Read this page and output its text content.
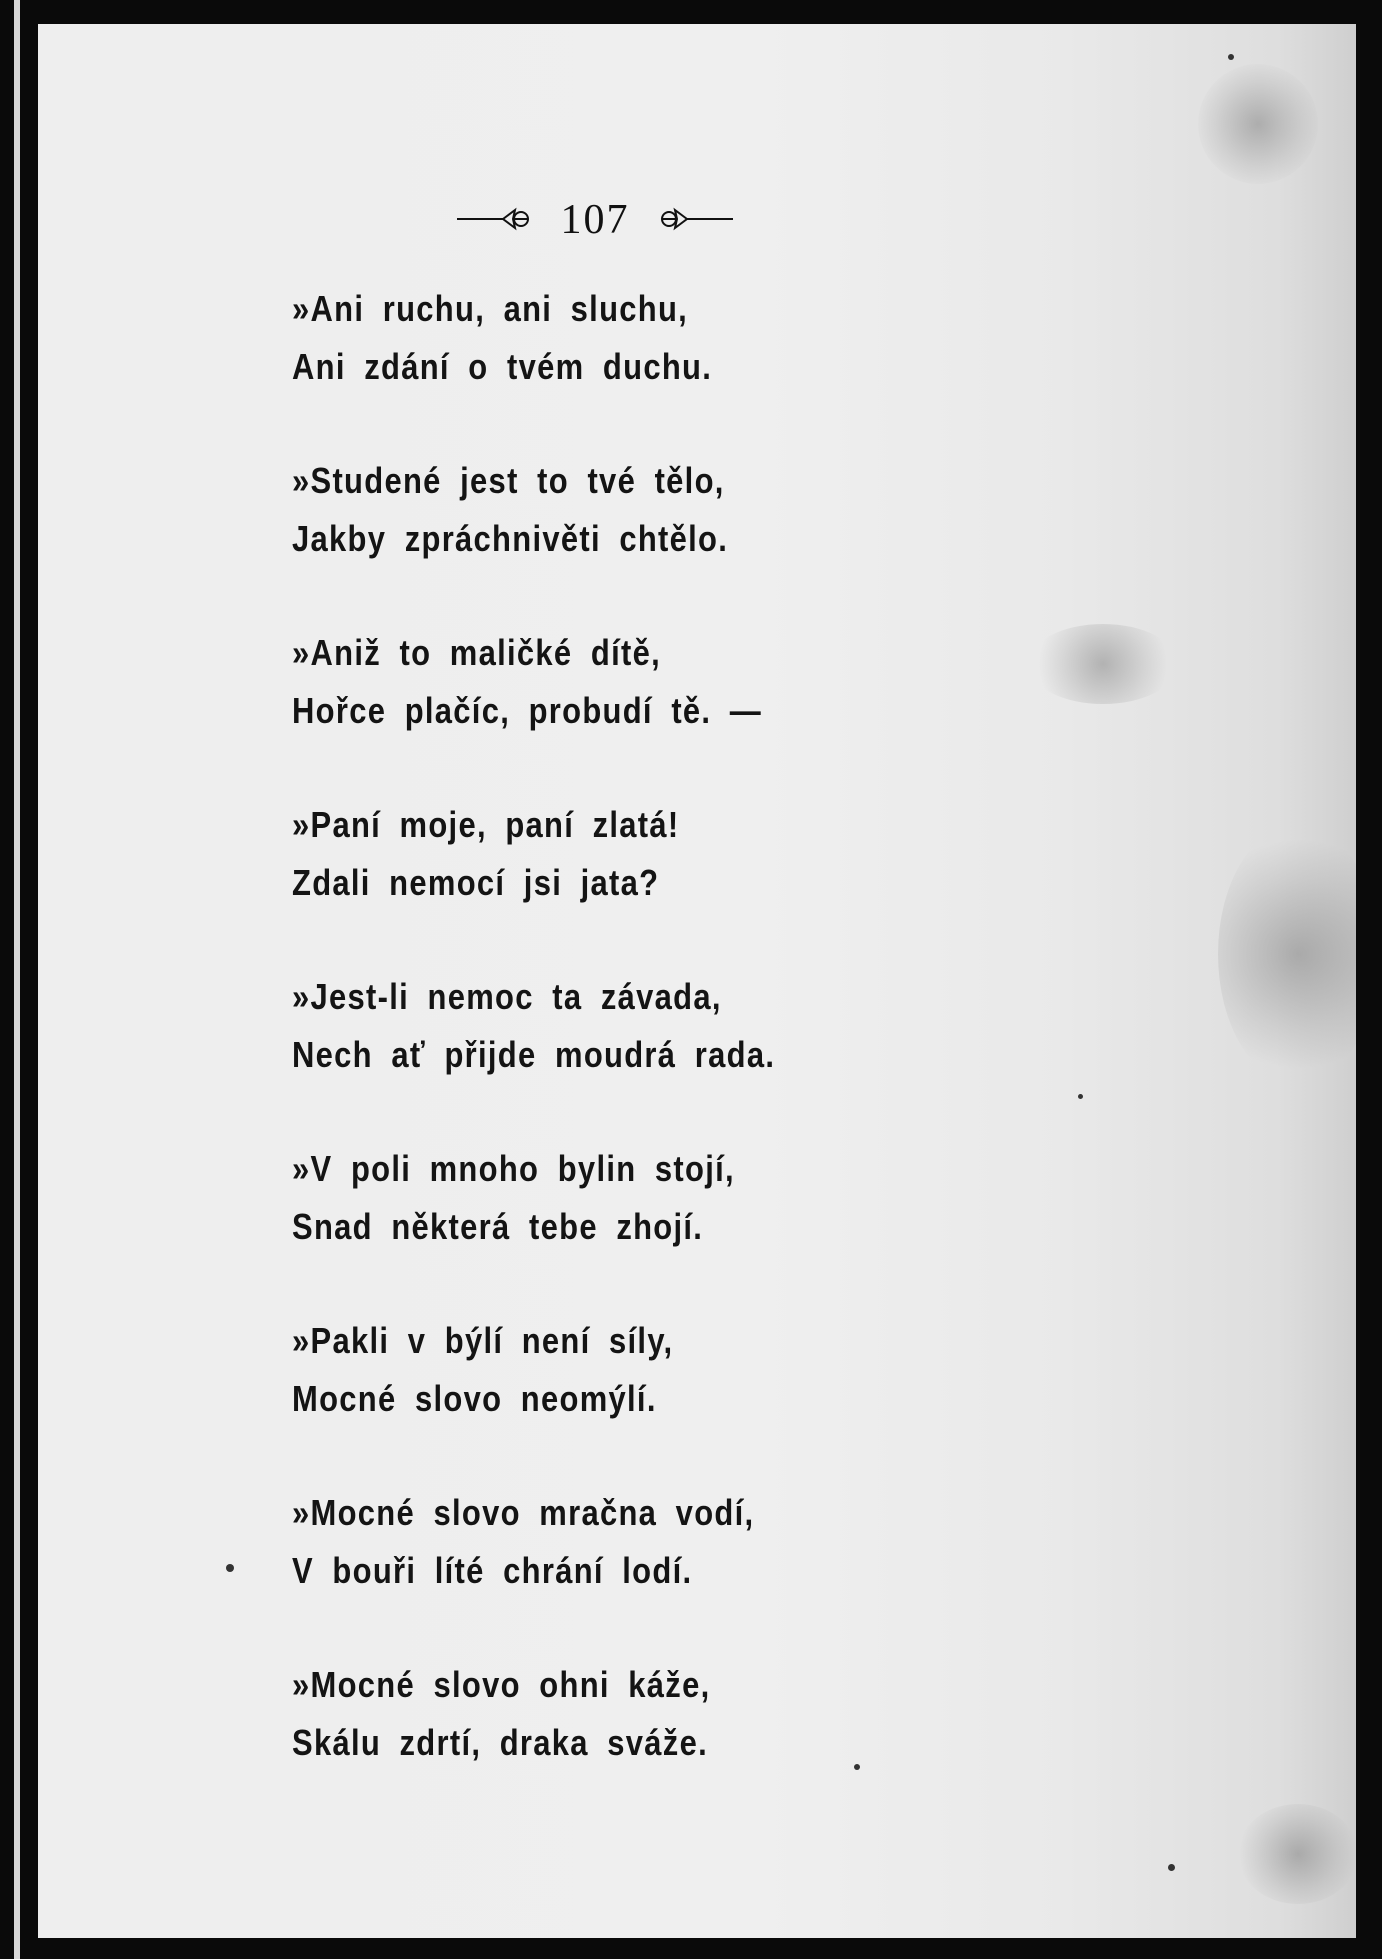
107
»Ani ruchu, ani sluchu,
Ani zdání o tvém duchu.
»Studené jest to tvé tělo,
Jakby zpráchnivěti chtělo.
»Aniž to maličké dítě,
Hořce plačíc, probudí tě. —
»Paní moje, paní zlatá!
Zdali nemocí jsi jata?
»Jest-li nemoc ta závada,
Nech ať přijde moudrá rada.
»V poli mnoho bylin stojí,
Snad některá tebe zhojí.
»Pakli v býlí není síly,
Mocné slovo neomýlí.
»Mocné slovo mračna vodí,
V bouři líté chrání lodí.
»Mocné slovo ohni káže,
Skálu zdrtí, draka sváže.
